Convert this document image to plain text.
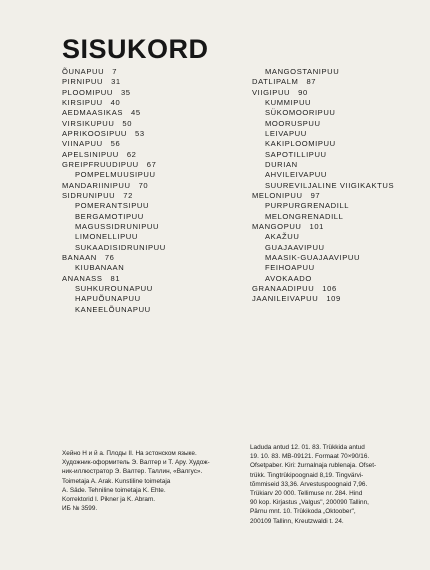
SISUKORD
ÕUNAPUU 7
PIRNIPUU 31
PLOOMIPUU 35
KIRSIPUU 40
AEDMAASIKAS 45
VIRSIKUPUU 50
APRIKOOSIPUU 53
VIINAPUU 56
APELSINIPUU 62
GREIPFRUUDIPUU 67
POMPELMUUSIPUU
MANDARIINIPUU 70
SIDRUNIPUU 72
POMERANTSIPUU
BERGAMOTIPUU
MAGUSSIDRUNIPUU
LIMONELLIPUU
SUKAADISIDRUNIPUU
BANAAN 76
KIUBANAAN
ANANASS 81
SUHKUROUNAPUU
HAPUÕUNAPUU
KANEELÕUNAPUU
MANGOSTANIPUU
DATLIPALM 87
VIIGIPUU 90
KUMMIPUU
SÜKOMOORIPUU
MOORUSPUU
LEIVAPUU
KAKIPLOOMIPUU
SAPOTILLIPUU
DURIAN
AHVILEIVAPUU
SUUREVILJALINE VIIGIKAKTUS
MELONIPUU 97
PURPURGRENADILL
MELONGRENADILL
MANGOPUU 101
AKAŽUU
GUAJAAVIPUU
MAASIK-GUAJAAVIPUU
FEIHOAPUU
AVOKAADO
GRANAADIPUU 106
JAANILEIVAPUU 109
Хейно Н и й а. Плоды II. На эстонском языке.
Художник-оформитель Э. Валтер и Т. Ару. Худож-
ник-иллюстратор Э. Валтер. Таллин, «Валгус».
Toimetaja A. Arak. Kunstiline toimetaja
A. Säde. Tehniline toimetaja K. Ehte.
Korrektorid I. Pikner ja K. Abram.
ИБ № 3599.
Laduda antud 12. 01. 83. Trükkida antud
19. 10. 83. MB-09121. Formaat 70×90/16.
Ofsetpaber. Kiri: žurnalnaja rublenaja. Ofset-
trükk. Tingtrükipoognaid 8,19. Tingvärvi-
tõmmiseid 33,36. Arvestuspoognaid 7,96.
Trükiarv 20 000. Tellimuse nr. 284. Hind
90 kop. Kirjastus „Valgus", 200090 Tallinn,
Pärnu mnt. 10. Trükikoda „Oktoober",
200109 Tallinn, Kreutzwaldi t. 24.
